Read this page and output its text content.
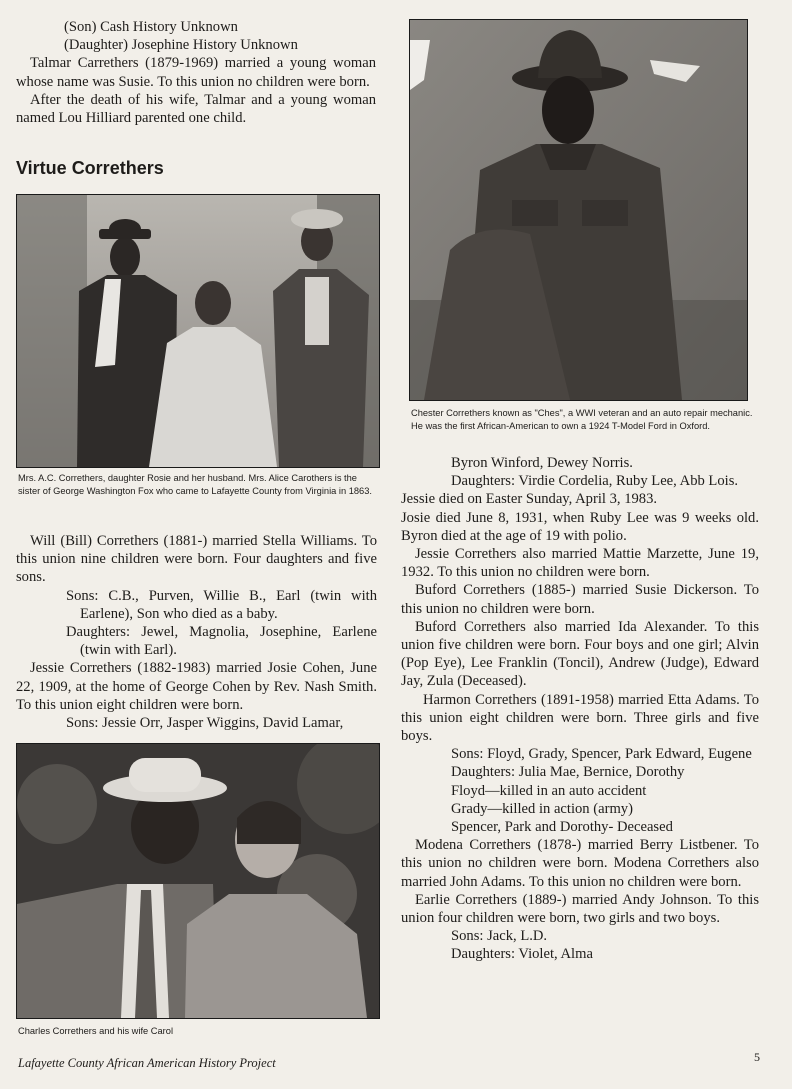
(Son) Cash History Unknown

(Daughter) Josephine History Unknown

Talmar Carrethers (1879-1969) married a young woman whose name was Susie. To this union no children were born.

After the death of his wife, Talmar and a young woman named Lou Hilliard parented one child.

Virtue Correthers

Mrs. A.C. Correthers, daughter Rosie and her husband. Mrs. Alice Carothers is the sister of George Washington Fox who came to Lafayette County from Virginia in 1863.

Will (Bill) Correthers (1881-) married Stella Williams. To this union nine children were born. Four daughters and five sons.

Sons: C.B., Purven, Willie B., Earl (twin with Earlene), Son who died as a baby.

Daughters: Jewel, Magnolia, Josephine, Earlene (twin with Earl).

Jessie Correthers (1882-1983) married Josie Cohen, June 22, 1909, at the home of George Cohen by Rev. Nash Smith. To this union eight children were born.

Sons: Jessie Orr, Jasper Wiggins, David Lamar,

Charles Correthers and his wife Carol

Chester Correthers known as "Ches", a WWI veteran and an auto repair mechanic. He was the first African-American to own a 1924 T-Model Ford in Oxford.

Byron Winford, Dewey Norris.

Daughters: Virdie Cordelia, Ruby Lee, Abb Lois.

Jessie died on Easter Sunday, April 3, 1983.

Josie died June 8, 1931, when Ruby Lee was 9 weeks old. Byron died at the age of 19 with polio.

Jessie Correthers also married Mattie Marzette, June 19, 1932. To this union no children were born.

Buford Correthers (1885-) married Susie Dickerson. To this union no children were born.

Buford Correthers also married Ida Alexander. To this union five children were born. Four boys and one girl; Alvin (Pop Eye), Lee Franklin (Toncil), Andrew (Judge), Edward Jay, Zula (Deceased).

Harmon Correthers (1891-1958) married Etta Adams. To this union eight children were born. Three girls and five boys.

Sons: Floyd, Grady, Spencer, Park Edward, Eugene

Daughters: Julia Mae, Bernice, Dorothy

Floyd—killed in an auto accident

Grady—killed in action (army)

Spencer, Park and Dorothy- Deceased

Modena Correthers (1878-) married Berry Listbener. To this union no children were born. Modena Correthers also married John Adams. To this union no children were born.

Earlie Correthers (1889-) married Andy Johnson. To this union four children were born, two girls and two boys.

Sons: Jack, L.D.

Daughters: Violet, Alma

Lafayette County African American History Project	5
